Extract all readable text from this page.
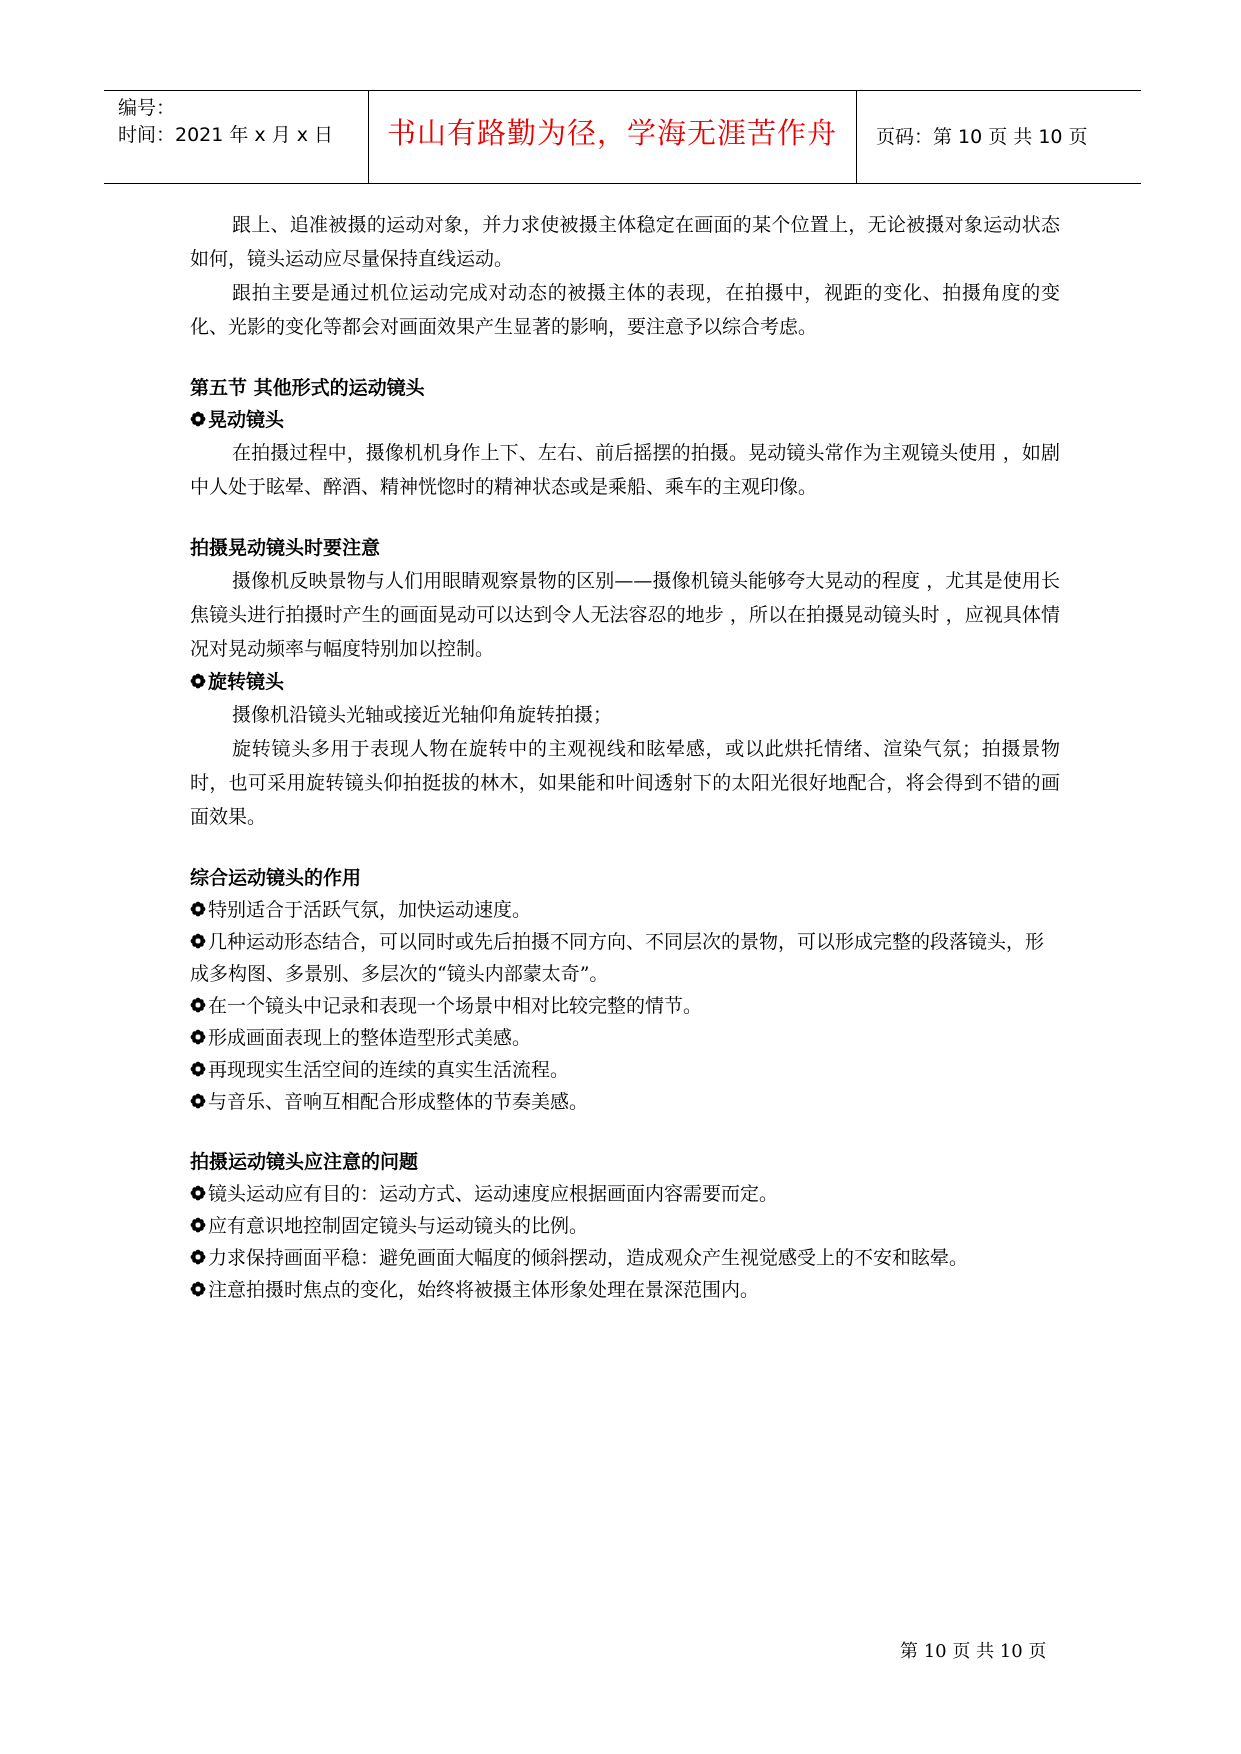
编号：
时间：2021 年 x 月 x 日	书山有路勤为径，学海无涯苦作舟	页码：第 10 页 共 10 页

跟上、追准被摄的运动对象，并力求使被摄主体稳定在画面的某个位置上，无论被摄对象运动状态如何，镜头运动应尽量保持直线运动。

跟拍主要是通过机位运动完成对动态的被摄主体的表现，在拍摄中，视距的变化、拍摄角度的变化、光影的变化等都会对画面效果产生显著的影响，要注意予以综合考虑。

第五节 其他形式的运动镜头

晃动镜头

在拍摄过程中，摄像机机身作上下、左右、前后摇摆的拍摄。晃动镜头常作为主观镜头使用 ，如剧中人处于眩晕、醉酒、精神恍惚时的精神状态或是乘船、乘车的主观印像。

拍摄晃动镜头时要注意

摄像机反映景物与人们用眼睛观察景物的区别——摄像机镜头能够夸大晃动的程度 ，尤其是使用长焦镜头进行拍摄时产生的画面晃动可以达到令人无法容忍的地步 ，所以在拍摄晃动镜头时 ，应视具体情况对晃动频率与幅度特别加以控制。

旋转镜头

摄像机沿镜头光轴或接近光轴仰角旋转拍摄；

旋转镜头多用于表现人物在旋转中的主观视线和眩晕感，或以此烘托情绪、渲染气氛；拍摄景物时，也可采用旋转镜头仰拍挺拔的林木，如果能和叶间透射下的太阳光很好地配合，将会得到不错的画面效果。

综合运动镜头的作用

特别适合于活跃气氛，加快运动速度。

几种运动形态结合，可以同时或先后拍摄不同方向、不同层次的景物，可以形成完整的段落镜头，形成多构图、多景别、多层次的“镜头内部蒙太奇”。

在一个镜头中记录和表现一个场景中相对比较完整的情节。

形成画面表现上的整体造型形式美感。

再现现实生活空间的连续的真实生活流程。

与音乐、音响互相配合形成整体的节奏美感。

拍摄运动镜头应注意的问题

镜头运动应有目的：运动方式、运动速度应根据画面内容需要而定。

应有意识地控制固定镜头与运动镜头的比例。

力求保持画面平稳：避免画面大幅度的倾斜摆动，造成观众产生视觉感受上的不安和眩晕。

注意拍摄时焦点的变化，始终将被摄主体形象处理在景深范围内。

第 10 页 共 10 页
